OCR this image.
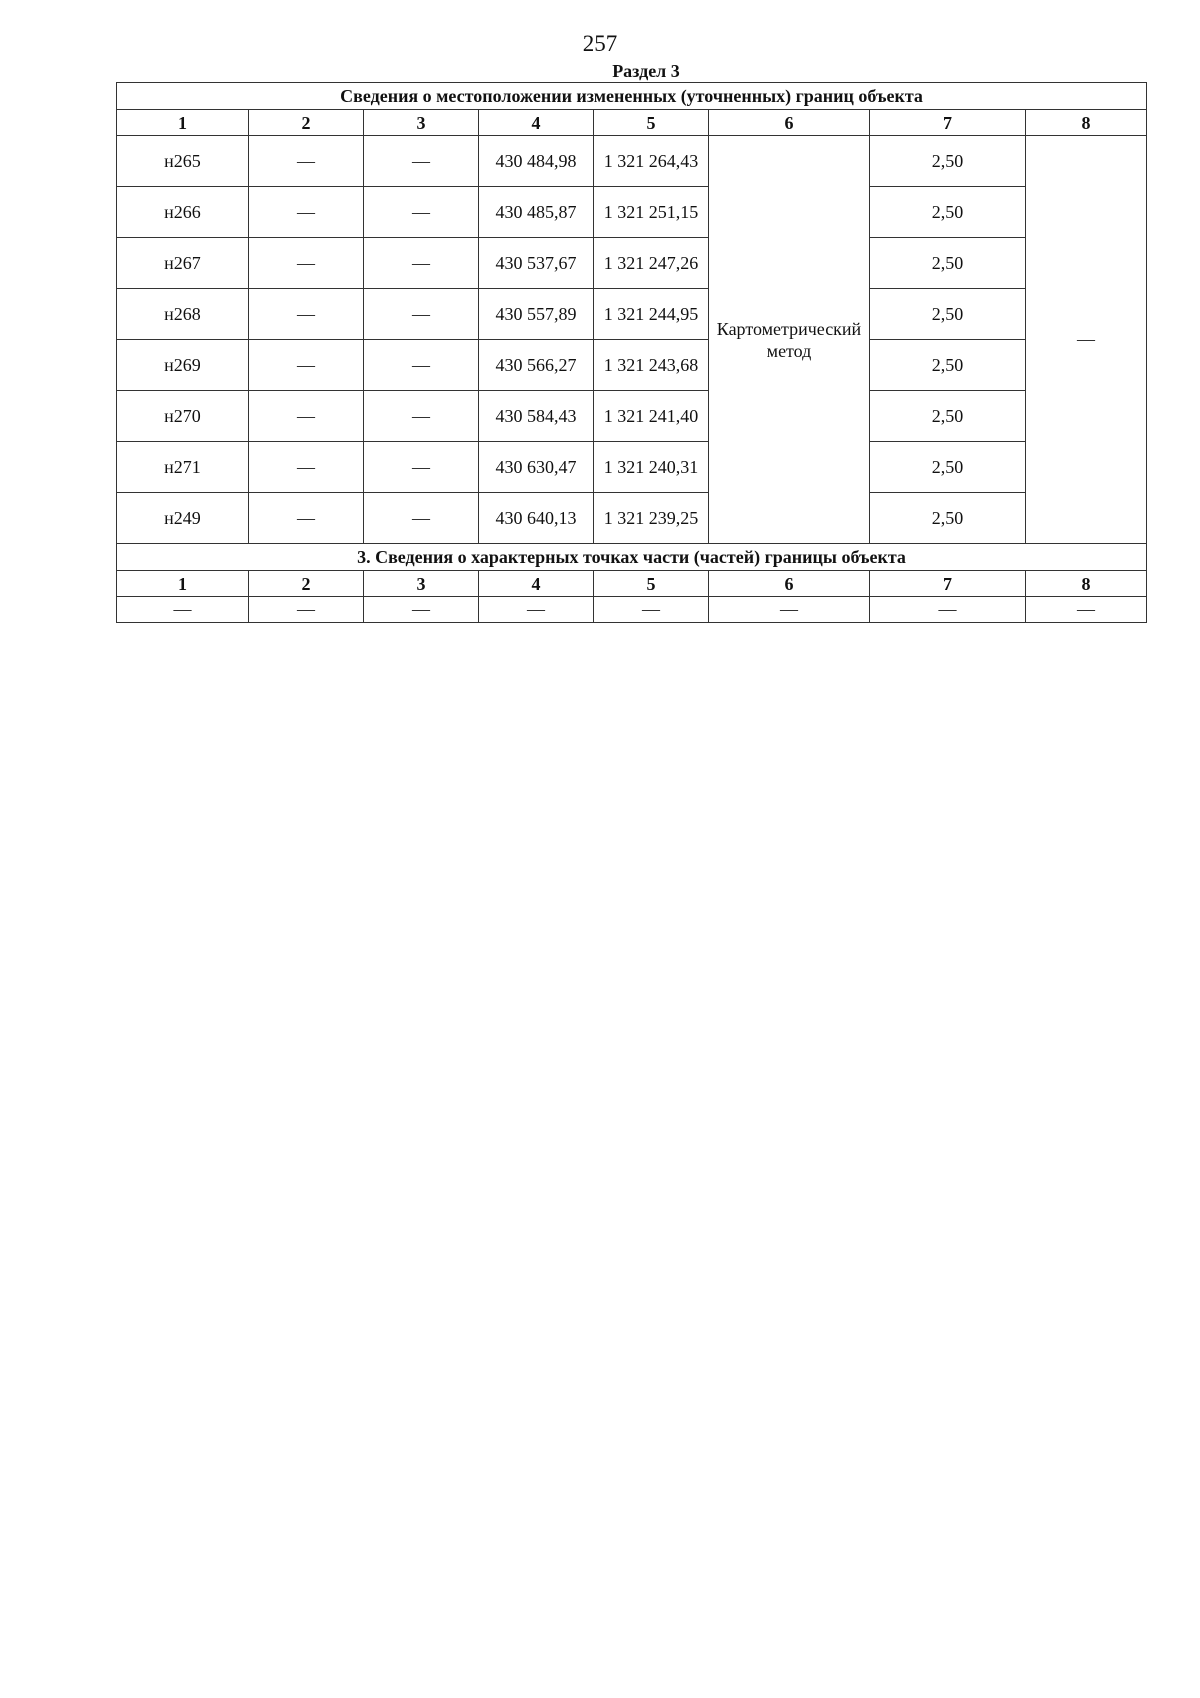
257
Раздел 3
Сведения о местоположении измененных (уточненных) границ объекта							
1	2	3	4	5	6	7	8
н265	—	—	430 484,98	1 321 264,43	Картометрический метод	2,50	—
н266	—	—	430 485,87	1 321 251,15		2,50	
н267	—	—	430 537,67	1 321 247,26		2,50	
н268	—	—	430 557,89	1 321 244,95		2,50	
н269	—	—	430 566,27	1 321 243,68		2,50	
н270	—	—	430 584,43	1 321 241,40		2,50	
н271	—	—	430 630,47	1 321 240,31		2,50	
н249	—	—	430 640,13	1 321 239,25		2,50	
3. Сведения о характерных точках части (частей) границы объекта							
1	2	3	4	5	6	7	8
—	—	—	—	—	—	—	—
